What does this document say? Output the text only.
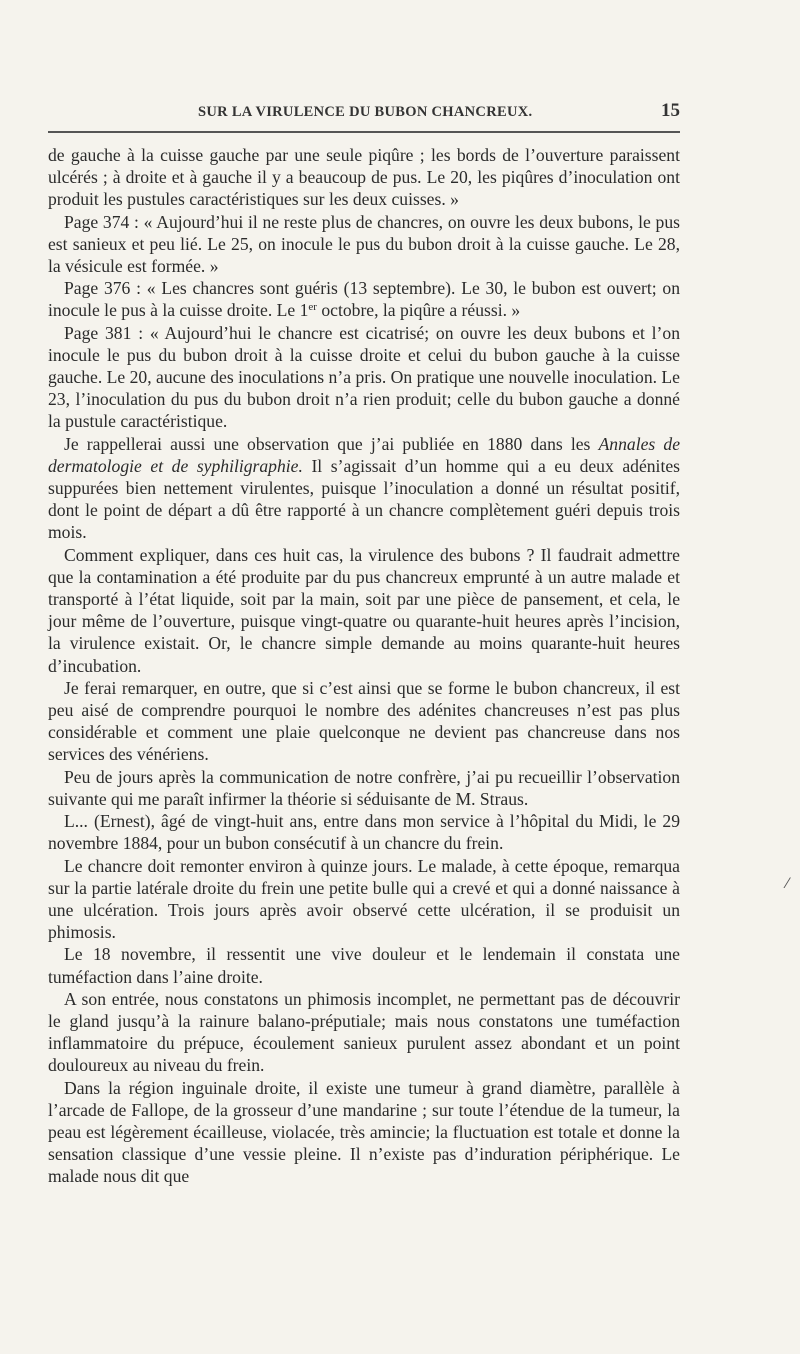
SUR LA VIRULENCE DU BUBON CHANCREUX.	15

de gauche à la cuisse gauche par une seule piqûre ; les bords de l’ouverture paraissent ulcérés ; à droite et à gauche il y a beaucoup de pus. Le 20, les piqûres d’inoculation ont produit les pustules caractéristiques sur les deux cuisses. »

Page 374 : « Aujourd’hui il ne reste plus de chancres, on ouvre les deux bubons, le pus est sanieux et peu lié. Le 25, on inocule le pus du bubon droit à la cuisse gauche. Le 28, la vésicule est formée. »

Page 376 : « Les chancres sont guéris (13 septembre). Le 30, le bubon est ouvert; on inocule le pus à la cuisse droite. Le 1er octobre, la piqûre a réussi. »

Page 381 : « Aujourd’hui le chancre est cicatrisé; on ouvre les deux bubons et l’on inocule le pus du bubon droit à la cuisse droite et celui du bubon gauche à la cuisse gauche. Le 20, aucune des inoculations n’a pris. On pratique une nouvelle inoculation. Le 23, l’inoculation du pus du bubon droit n’a rien produit; celle du bubon gauche a donné la pustule caractéristique.

Je rappellerai aussi une observation que j’ai publiée en 1880 dans les Annales de dermatologie et de syphiligraphie. Il s’agissait d’un homme qui a eu deux adénites suppurées bien nettement virulentes, puisque l’inoculation a donné un résultat positif, dont le point de départ a dû être rapporté à un chancre complètement guéri depuis trois mois.

Comment expliquer, dans ces huit cas, la virulence des bubons ? Il faudrait admettre que la contamination a été produite par du pus chancreux emprunté à un autre malade et transporté à l’état liquide, soit par la main, soit par une pièce de pansement, et cela, le jour même de l’ouverture, puisque vingt-quatre ou quarante-huit heures après l’incision, la virulence existait. Or, le chancre simple demande au moins quarante-huit heures d’incubation.

Je ferai remarquer, en outre, que si c’est ainsi que se forme le bubon chancreux, il est peu aisé de comprendre pourquoi le nombre des adénites chancreuses n’est pas plus considérable et comment une plaie quelconque ne devient pas chancreuse dans nos services des vénériens.

Peu de jours après la communication de notre confrère, j’ai pu recueillir l’observation suivante qui me paraît infirmer la théorie si séduisante de M. Straus.

L... (Ernest), âgé de vingt-huit ans, entre dans mon service à l’hôpital du Midi, le 29 novembre 1884, pour un bubon consécutif à un chancre du frein.

Le chancre doit remonter environ à quinze jours. Le malade, à cette époque, remarqua sur la partie latérale droite du frein une petite bulle qui a crevé et qui a donné naissance à une ulcération. Trois jours après avoir observé cette ulcération, il se produisit un phimosis.

Le 18 novembre, il ressentit une vive douleur et le lendemain il constata une tuméfaction dans l’aine droite.

A son entrée, nous constatons un phimosis incomplet, ne permettant pas de découvrir le gland jusqu’à la rainure balano-préputiale; mais nous constatons une tuméfaction inflammatoire du prépuce, écoulement sanieux purulent assez abondant et un point douloureux au niveau du frein.

Dans la région inguinale droite, il existe une tumeur à grand diamètre, parallèle à l’arcade de Fallope, de la grosseur d’une mandarine ; sur toute l’étendue de la tumeur, la peau est légèrement écailleuse, violacée, très amincie; la fluctuation est totale et donne la sensation classique d’une vessie pleine. Il n’existe pas d’induration périphérique. Le malade nous dit que

⁄
